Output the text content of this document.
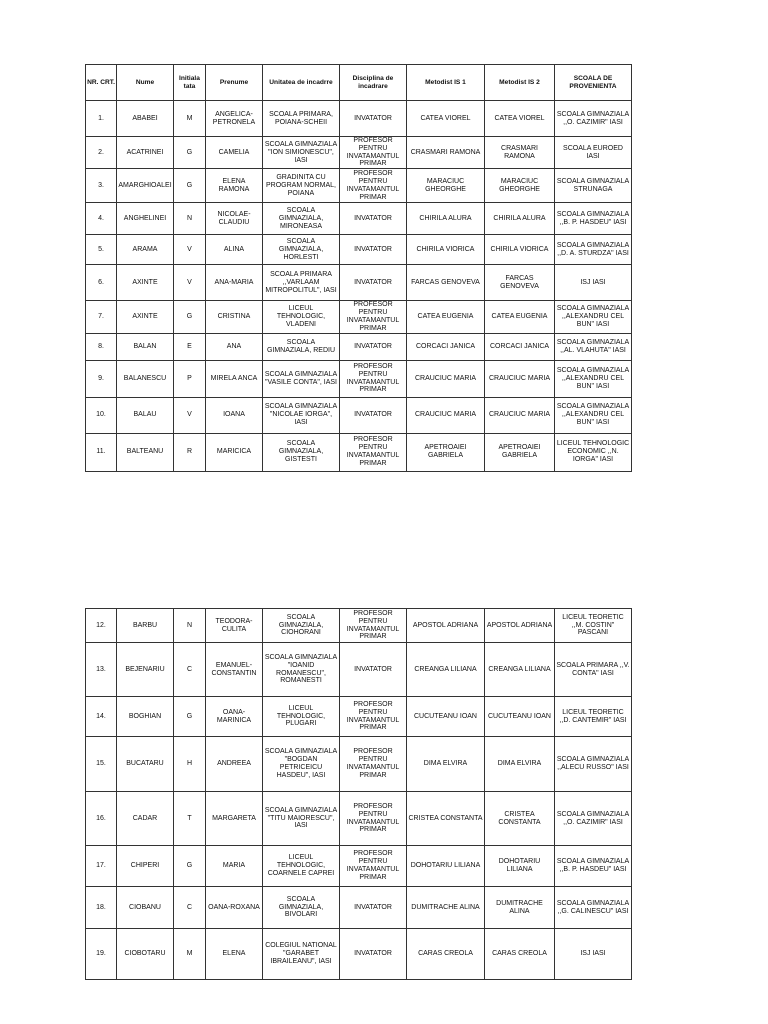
NR. CRT.	Nume	Initiala tata	Prenume	Unitatea de incadrre	Disciplina de incadrare	Metodist IS 1	Metodist IS 2	SCOALA DE PROVENIENTA
1.	ABABEI	M	ANGELICA-PETRONELA	SCOALA PRIMARA, POIANA-SCHEII	INVATATOR	CATEA VIOREL	CATEA VIOREL	SCOALA GIMNAZIALA ,,O. CAZIMIR" IASI
2.	ACATRINEI	G	CAMELIA	SCOALA GIMNAZIALA "ION SIMIONESCU", IASI	PROFESOR PENTRU INVATAMANTUL PRIMAR	CRASMARI RAMONA	CRASMARI RAMONA	SCOALA EUROED IASI
3.	AMARGHIOALEI	G	ELENA RAMONA	GRADINITA CU PROGRAM NORMAL, POIANA	PROFESOR PENTRU INVATAMANTUL PRIMAR	MARACIUC GHEORGHE	MARACIUC GHEORGHE	SCOALA GIMNAZIALA STRUNAGA
4.	ANGHELINEI	N	NICOLAE-CLAUDIU	SCOALA GIMNAZIALA, MIRONEASA	INVATATOR	CHIRILA ALURA	CHIRILA ALURA	SCOALA GIMNAZIALA ,,B. P. HASDEU" IASI
5.	ARAMA	V	ALINA	SCOALA GIMNAZIALA, HORLESTI	INVATATOR	CHIRILA VIORICA	CHIRILA VIORICA	SCOALA GIMNAZIALA ,,D. A. STURDZA" IASI
6.	AXINTE	V	ANA-MARIA	SCOALA PRIMARA ,,VARLAAM MITROPOLITUL", IASI	INVATATOR	FARCAS GENOVEVA	FARCAS GENOVEVA	ISJ IASI
7.	AXINTE	G	CRISTINA	LICEUL TEHNOLOGIC, VLADENI	PROFESOR PENTRU INVATAMANTUL PRIMAR	CATEA EUGENIA	CATEA EUGENIA	SCOALA GIMNAZIALA ,,ALEXANDRU CEL BUN" IASI
8.	BALAN	E	ANA	SCOALA GIMNAZIALA, REDIU	INVATATOR	CORCACI JANICA	CORCACI JANICA	SCOALA GIMNAZIALA ,,AL. VLAHUTA" IASI
9.	BALANESCU	P	MIRELA ANCA	SCOALA GIMNAZIALA "VASILE CONTA", IASI	PROFESOR PENTRU INVATAMANTUL PRIMAR	CRAUCIUC MARIA	CRAUCIUC MARIA	SCOALA GIMNAZIALA ,,ALEXANDRU CEL BUN" IASI
10.	BALAU	V	IOANA	SCOALA GIMNAZIALA "NICOLAE IORGA", IASI	INVATATOR	CRAUCIUC MARIA	CRAUCIUC MARIA	SCOALA GIMNAZIALA ,,ALEXANDRU CEL BUN" IASI
11.	BALTEANU	R	MARICICA	SCOALA GIMNAZIALA, GISTESTI	PROFESOR PENTRU INVATAMANTUL PRIMAR	APETROAIEI GABRIELA	APETROAIEI GABRIELA	LICEUL TEHNOLOGIC ECONOMIC ,,N. IORGA" IASI
12.	BARBU	N	TEODORA-CULITA	SCOALA GIMNAZIALA, CIOHORANI	PROFESOR PENTRU INVATAMANTUL PRIMAR	APOSTOL ADRIANA	APOSTOL ADRIANA	LICEUL TEORETIC ,,M. COSTIN" PASCANI
13.	BEJENARIU	C	EMANUEL-CONSTANTIN	SCOALA GIMNAZIALA "IOANID ROMANESCU", ROMANESTI	INVATATOR	CREANGA LILIANA	CREANGA LILIANA	SCOALA PRIMARA ,,V. CONTA" IASI
14.	BOGHIAN	G	OANA-MARINICA	LICEUL TEHNOLOGIC, PLUGARI	PROFESOR PENTRU INVATAMANTUL PRIMAR	CUCUTEANU IOAN	CUCUTEANU IOAN	LICEUL TEORETIC ,,D. CANTEMIR" IASI
15.	BUCATARU	H	ANDREEA	SCOALA GIMNAZIALA "BOGDAN PETRICEICU HASDEU", IASI	PROFESOR PENTRU INVATAMANTUL PRIMAR	DIMA ELVIRA	DIMA ELVIRA	SCOALA GIMNAZIALA ,,ALECU RUSSO" IASI
16.	CADAR	T	MARGARETA	SCOALA GIMNAZIALA "TITU MAIORESCU", IASI	PROFESOR PENTRU INVATAMANTUL PRIMAR	CRISTEA CONSTANTA	CRISTEA CONSTANTA	SCOALA GIMNAZIALA ,,O. CAZIMIR" IASI
17.	CHIPERI	G	MARIA	LICEUL TEHNOLOGIC, COARNELE CAPREI	PROFESOR PENTRU INVATAMANTUL PRIMAR	DOHOTARIU LILIANA	DOHOTARIU LILIANA	SCOALA GIMNAZIALA ,,B. P. HASDEU" IASI
18.	CIOBANU	C	OANA-ROXANA	SCOALA GIMNAZIALA, BIVOLARI	INVATATOR	DUMITRACHE ALINA	DUMITRACHE ALINA	SCOALA GIMNAZIALA ,,G. CALINESCU" IASI
19.	CIOBOTARU	M	ELENA	COLEGIUL NATIONAL "GARABET IBRAILEANU", IASI	INVATATOR	CARAS CREOLA	CARAS CREOLA	ISJ IASI
